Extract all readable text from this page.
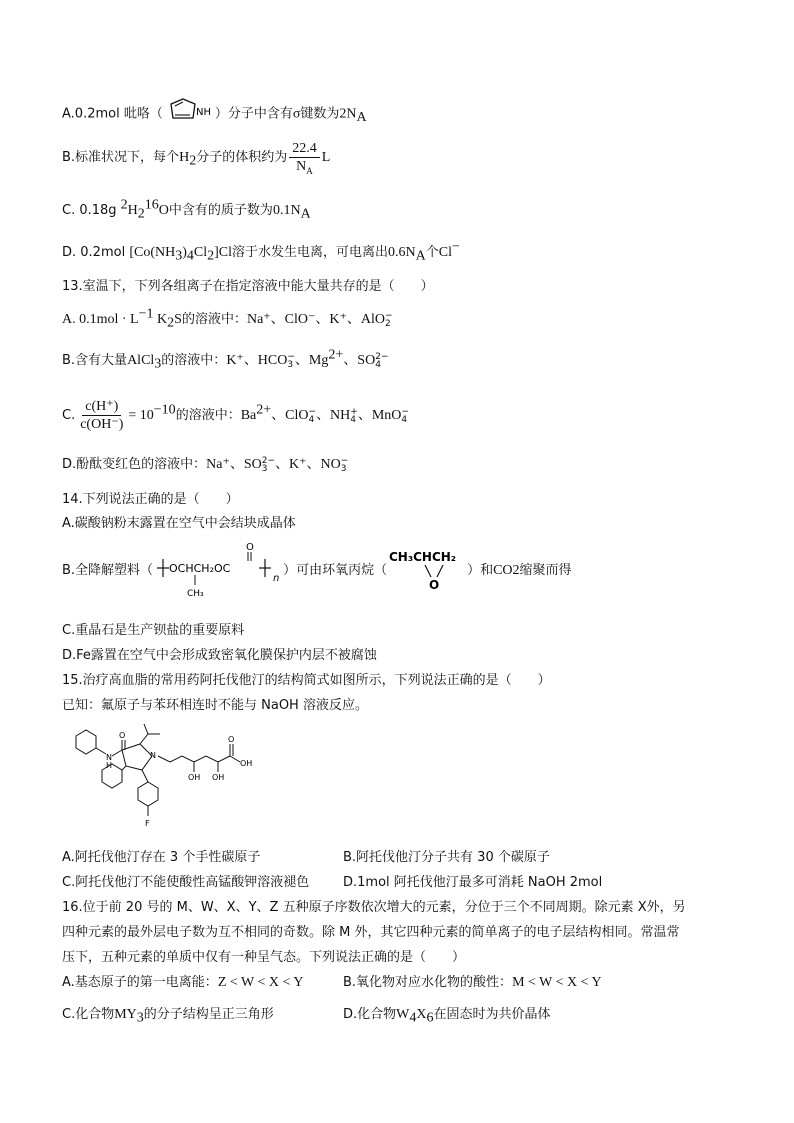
A.0.2mol 吡咯（	NH ）分子中含有σ键数为$2N_A$
B.标准状况下，每个$H_2$分子的体积约为 $\frac{22.4}{N_A}$ L
C. 0.18g $^2H_2^{16}O$中含有的质子数为$0.1N_A$
D. 0.2mol $[Co(NH_3)_4Cl_2]Cl$溶于水发生电离，可电离出$0.6N_A$个Cl−
13.室温下，下列各组离子在指定溶液中能大量共存的是（　　）
A. $0.1mol \cdot L^{-1}$ $K_2S$的溶液中：Na⁺、ClO⁻、K⁺、AlO −
2
B.含有大量AlCl$_3$的溶液中：K⁺、HCO −
3 、$Mg^{2+}$、SO 2−
4
C. $\frac{c(H^+)}{c(OH^-)} = 10^{-10}$的溶液中：$Ba^{2+}$、ClO −
4 、NH +
4 、MnO −
4
D.酚酞变红色的溶液中：Na⁺、SO 2−
3 、K⁺、NO −
3
14.下列说法正确的是（　　）
A.碳酸钠粉末露置在空气中会结块成晶体
B.全降解塑料（ OCHCH₂OC
n
O
CH₃
）可由环氧丙烷（
CH₃CHCH₂
O
）和 CO 2 缩聚而得
C.重晶石是生产钡盐的重要原料
D.Fe露置在空气中会形成致密氧化膜保护内层不被腐蚀
15.治疗高血脂的常用药阿托伐他汀的结构简式如图所示，下列说法正确的是（　　）
已知：氟原子与苯环相连时不能与 NaOH 溶液反应。
N
H
O
N
F
OH OH
O
OH
A.阿托伐他汀存在 3 个手性碳原子	B.阿托伐他汀分子共有 30 个碳原子
C.阿托伐他汀不能使酸性高锰酸钾溶液褪色	D.1mol 阿托伐他汀最多可消耗 NaOH 2mol
16.位于前 20 号的 M、W、X、Y、Z 五种原子序数依次增大的元素，分位于三个不同周期。除元素 X外，另
四种元素的最外层电子数为互不相同的奇数。除 M 外，其它四种元素的简单离子的电子层结构相同。常温常
压下，五种元素的单质中仅有一种呈气态。下列说法正确的是（　　）
A.基态原子的第一电离能：Z < W < X < Y	B.氧化物对应水化物的酸性：M < W < X < Y
C.化合物$MY_3$的分子结构呈正三角形	D.化合物$W_4X_6$在固态时为共价晶体
